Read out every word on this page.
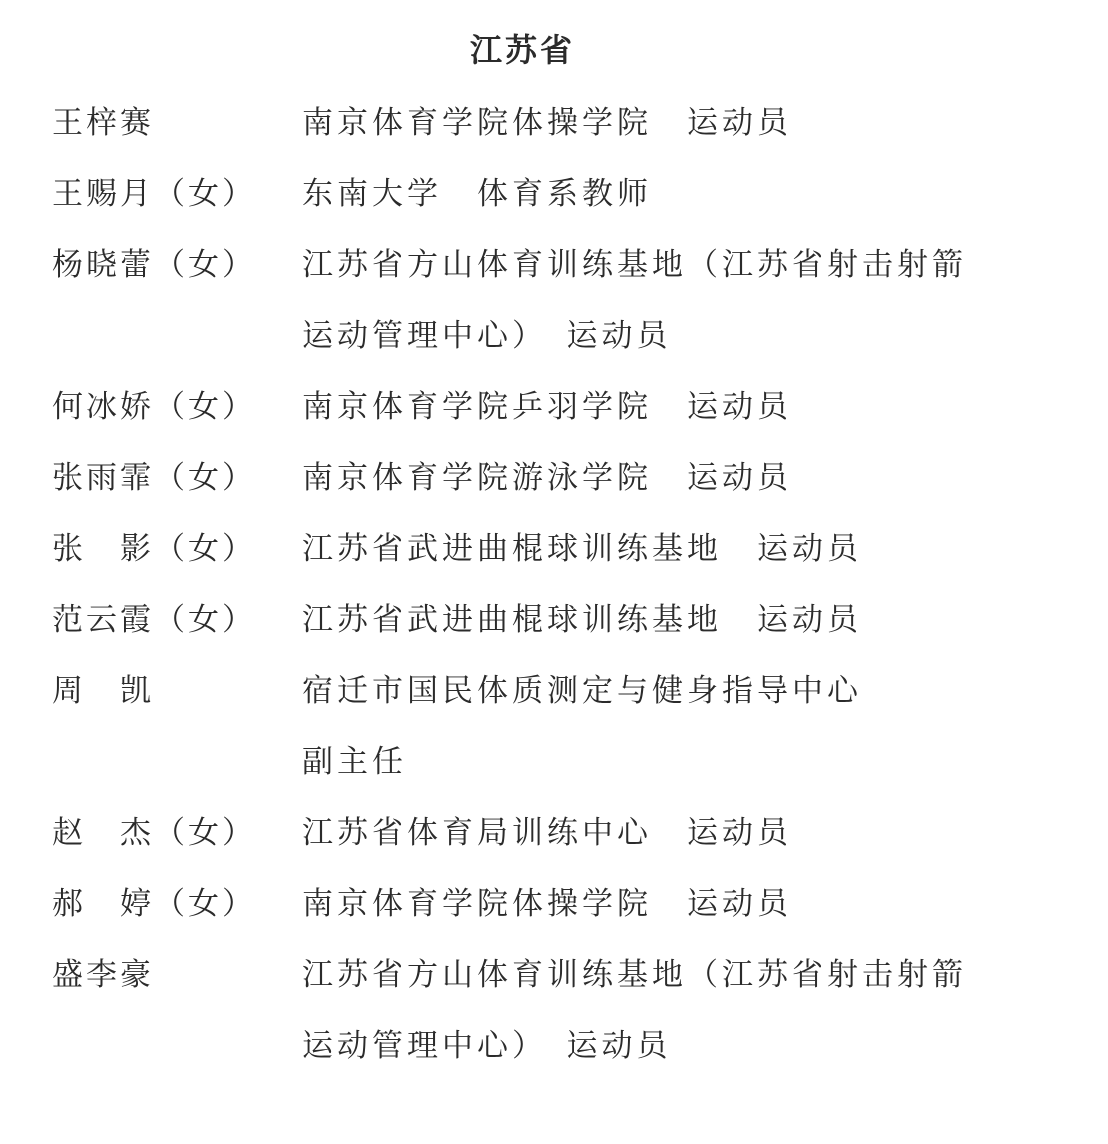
江苏省
王梓赛	南京体育学院体操学院　运动员
王赐月（女）	东南大学　体育系教师
杨晓蕾（女）	江苏省方山体育训练基地（江苏省射击射箭
运动管理中心）　运动员
何冰娇（女）	南京体育学院乒羽学院　运动员
张雨霏（女）	南京体育学院游泳学院　运动员
张　影（女）	江苏省武进曲棍球训练基地　运动员
范云霞（女）	江苏省武进曲棍球训练基地　运动员
周　凯	宿迁市国民体质测定与健身指导中心
副主任
赵　杰（女）	江苏省体育局训练中心　运动员
郝　婷（女）	南京体育学院体操学院　运动员
盛李豪	江苏省方山体育训练基地（江苏省射击射箭
运动管理中心）　运动员
